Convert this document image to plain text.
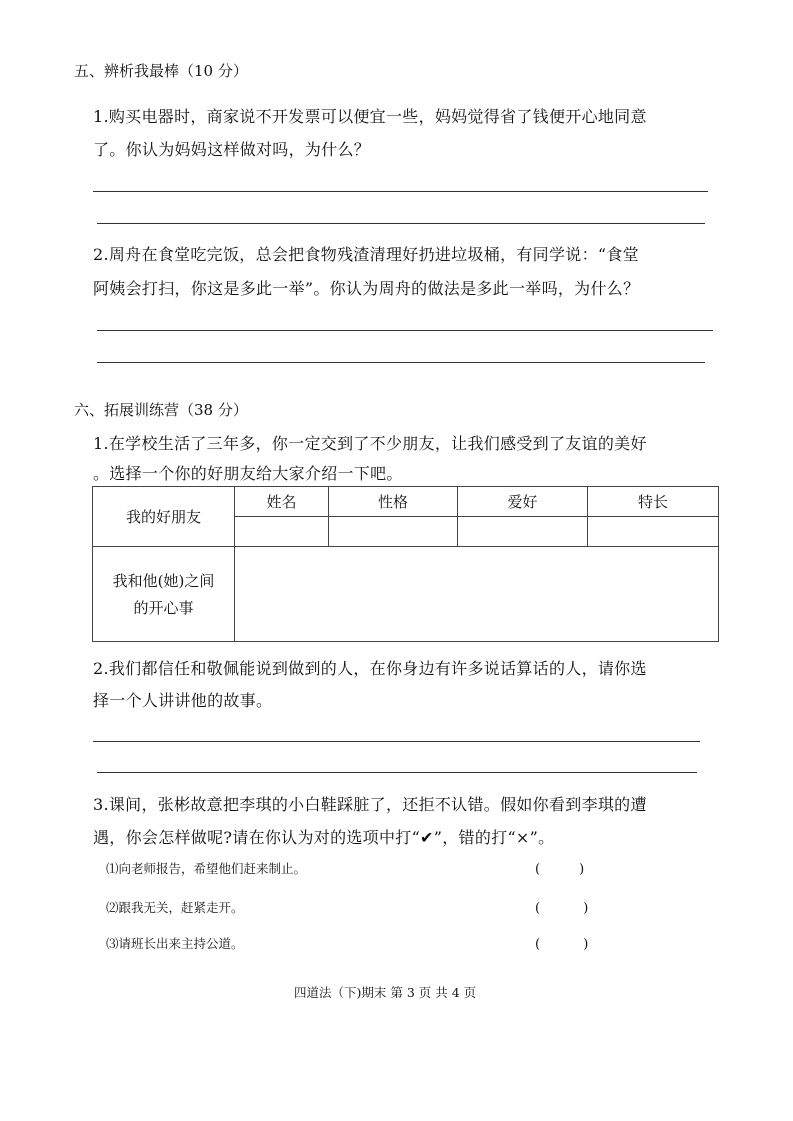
五、辨析我最棒（10 分）
1.购买电器时，商家说不开发票可以便宜一些，妈妈觉得省了钱便开心地同意
了。你认为妈妈这样做对吗，为什么？
2.周舟在食堂吃完饭，总会把食物残渣清理好扔进垃圾桶，有同学说：“食堂
阿姨会打扫，你这是多此一举”。你认为周舟的做法是多此一举吗，为什么？
六、拓展训练营（38 分）
1.在学校生活了三年多，你一定交到了不少朋友，让我们感受到了友谊的美好
。选择一个你的好朋友给大家介绍一下吧。
我的好朋友	姓名	性格	爱好	特长

我和他(她)之间
的开心事				

2.我们都信任和敬佩能说到做到的人，在你身边有许多说话算话的人，请你选
择一个人讲讲他的故事。
3.课间，张彬故意把李琪的小白鞋踩脏了，还拒不认错。假如你看到李琪的遭
遇，你会怎样做呢?请在你认为对的选项中打“✔”，错的打“×”。
⑴向老师报告，希望他们赶来制止。	(　　　)
⑵跟我无关，赶紧走开。	(　　　 )
⑶请班长出来主持公道。	(　　　 )
四道法（下)期末 第 3 页 共 4 页
